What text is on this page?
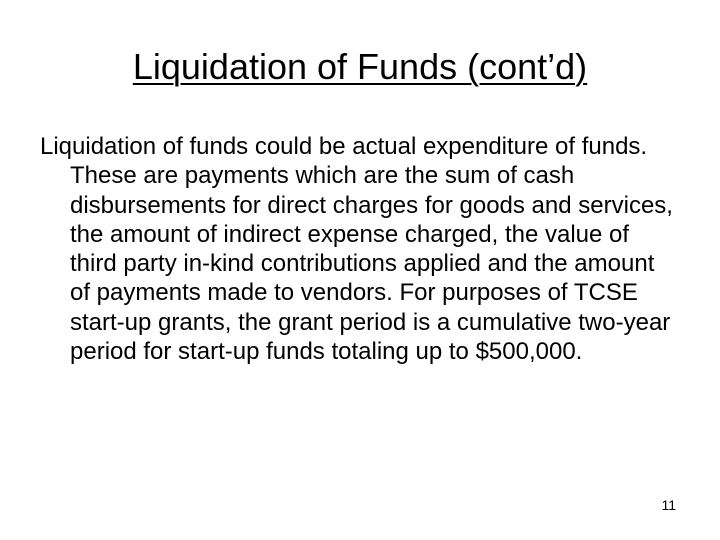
Liquidation of Funds (cont’d)

Liquidation of funds could be actual expenditure of funds. These are payments which are the sum of cash disbursements for direct charges for goods and services, the amount of indirect expense charged, the value of third party in-kind contributions applied and the amount of payments made to vendors. For purposes of TCSE start-up grants, the grant period is a cumulative two-year period for start-up funds totaling up to $500,000.

11
